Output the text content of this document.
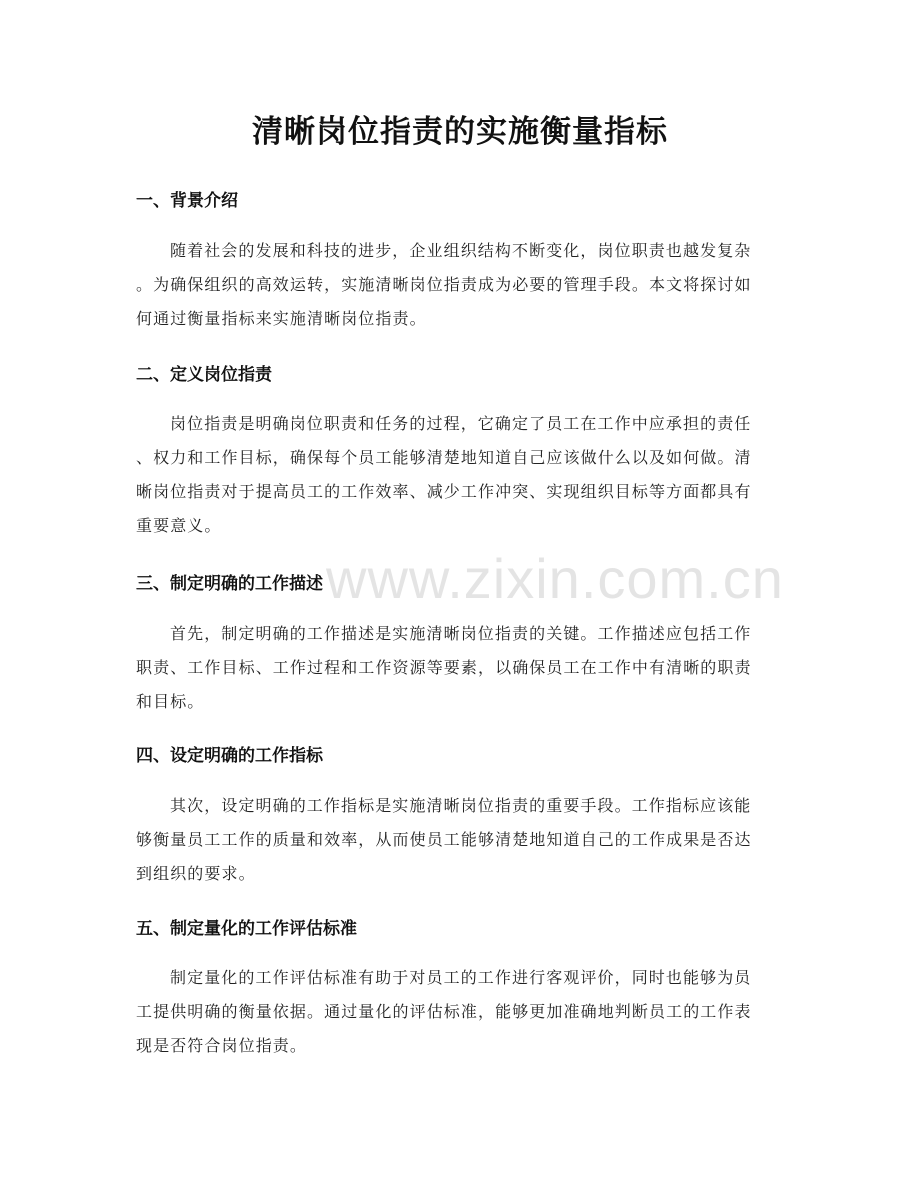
清晰岗位指责的实施衡量指标
一、背景介绍
随着社会的发展和科技的进步，企业组织结构不断变化，岗位职责也越发复杂
。为确保组织的高效运转，实施清晰岗位指责成为必要的管理手段。本文将探讨如
何通过衡量指标来实施清晰岗位指责。
二、定义岗位指责
岗位指责是明确岗位职责和任务的过程，它确定了员工在工作中应承担的责任
、权力和工作目标，确保每个员工能够清楚地知道自己应该做什么以及如何做。清
晰岗位指责对于提高员工的工作效率、减少工作冲突、实现组织目标等方面都具有
重要意义。
三、制定明确的工作描述
首先，制定明确的工作描述是实施清晰岗位指责的关键。工作描述应包括工作
职责、工作目标、工作过程和工作资源等要素，以确保员工在工作中有清晰的职责
和目标。
四、设定明确的工作指标
其次，设定明确的工作指标是实施清晰岗位指责的重要手段。工作指标应该能
够衡量员工工作的质量和效率，从而使员工能够清楚地知道自己的工作成果是否达
到组织的要求。
五、制定量化的工作评估标准
制定量化的工作评估标准有助于对员工的工作进行客观评价，同时也能够为员
工提供明确的衡量依据。通过量化的评估标准，能够更加准确地判断员工的工作表
现是否符合岗位指责。
www.zixin.com.cn
